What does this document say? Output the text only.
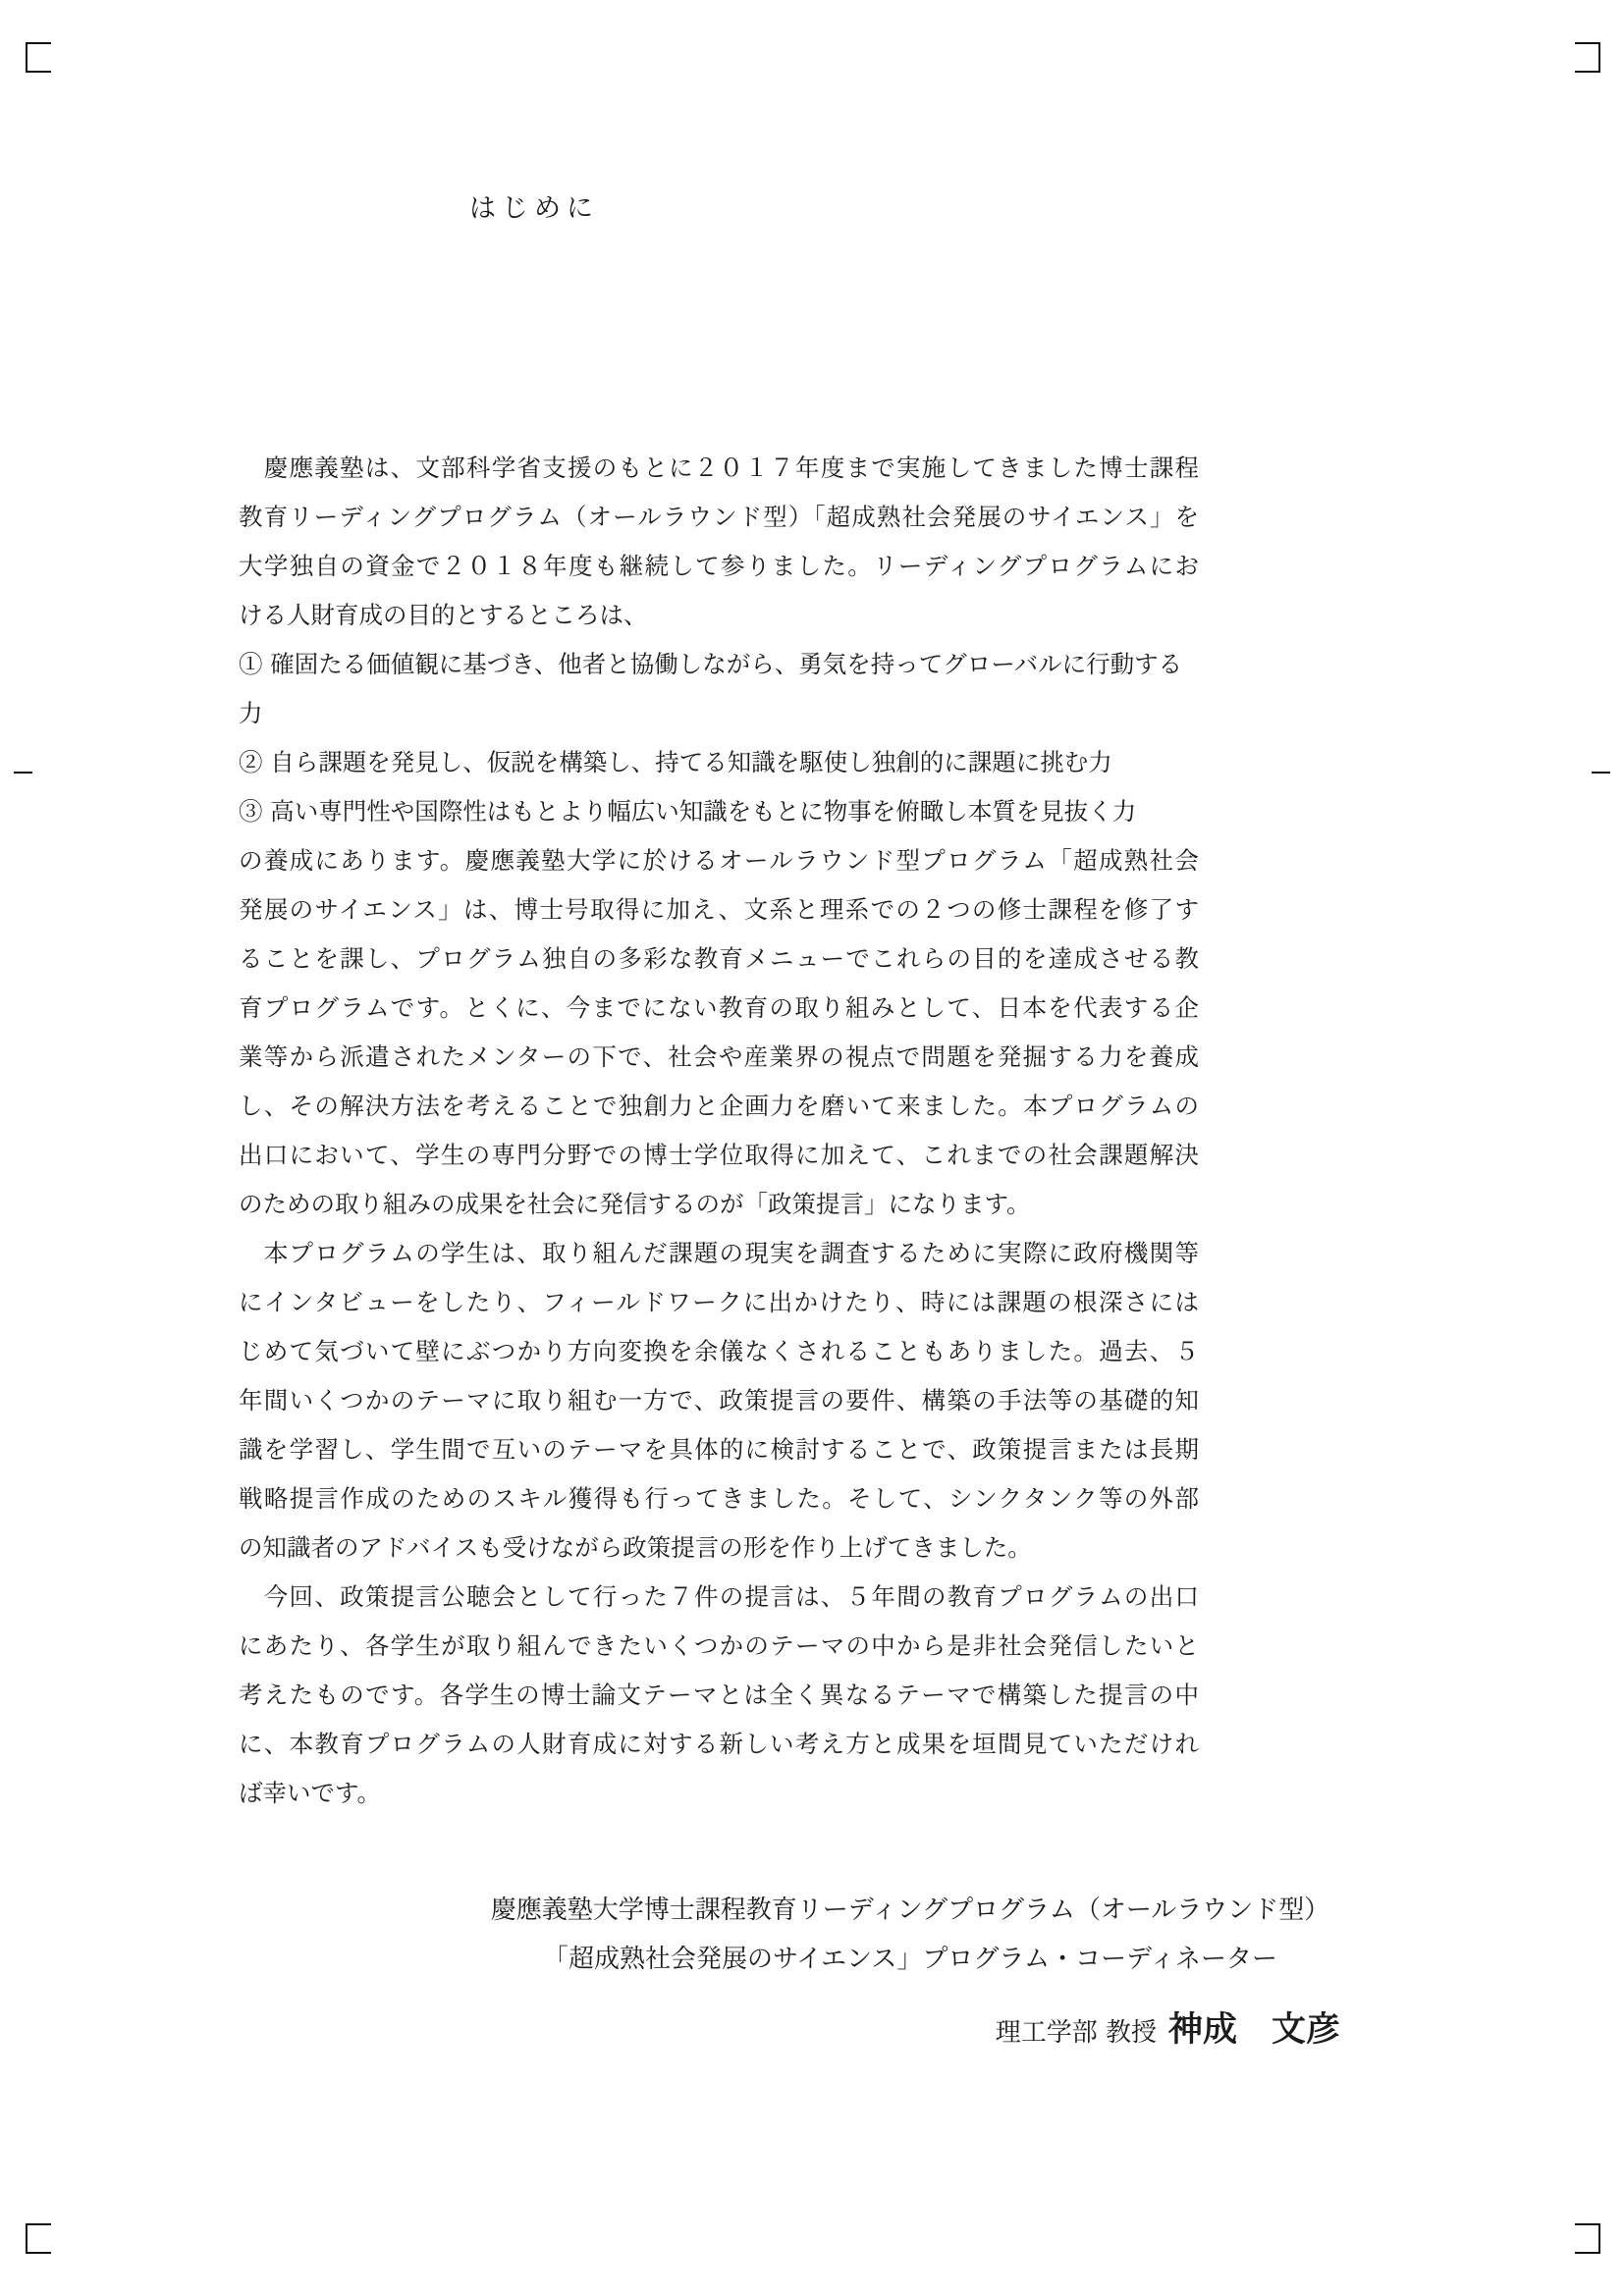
はじめに
　慶應義塾は、文部科学省支援のもとに２０１７年度まで実施してきました博士課程
教育リーディングプログラム（オールラウンド型）「超成熟社会発展のサイエンス」を
大学独自の資金で２０１８年度も継続して参りました。リーディングプログラムにお
ける人財育成の目的とするところは、
① 確固たる価値観に基づき、他者と協働しながら、勇気を持ってグローバルに行動する力
② 自ら課題を発見し、仮説を構築し、持てる知識を駆使し独創的に課題に挑む力
③ 高い専門性や国際性はもとより幅広い知識をもとに物事を俯瞰し本質を見抜く力
の養成にあります。慶應義塾大学に於けるオールラウンド型プログラム「超成熟社会
発展のサイエンス」は、博士号取得に加え、文系と理系での２つの修士課程を修了す
ることを課し、プログラム独自の多彩な教育メニューでこれらの目的を達成させる教
育プログラムです。とくに、今までにない教育の取り組みとして、日本を代表する企
業等から派遣されたメンターの下で、社会や産業界の視点で問題を発掘する力を養成
し、その解決方法を考えることで独創力と企画力を磨いて来ました。本プログラムの
出口において、学生の専門分野での博士学位取得に加えて、これまでの社会課題解決
のための取り組みの成果を社会に発信するのが「政策提言」になります。
　本プログラムの学生は、取り組んだ課題の現実を調査するために実際に政府機関等
にインタビューをしたり、フィールドワークに出かけたり、時には課題の根深さには
じめて気づいて壁にぶつかり方向変換を余儀なくされることもありました。過去、５
年間いくつかのテーマに取り組む一方で、政策提言の要件、構築の手法等の基礎的知
識を学習し、学生間で互いのテーマを具体的に検討することで、政策提言または長期
戦略提言作成のためのスキル獲得も行ってきました。そして、シンクタンク等の外部
の知識者のアドバイスも受けながら政策提言の形を作り上げてきました。
　今回、政策提言公聴会として行った７件の提言は、５年間の教育プログラムの出口
にあたり、各学生が取り組んできたいくつかのテーマの中から是非社会発信したいと
考えたものです。各学生の博士論文テーマとは全く異なるテーマで構築した提言の中
に、本教育プログラムの人財育成に対する新しい考え方と成果を垣間見ていただけれ
ば幸いです。
慶應義塾大学博士課程教育リーディングプログラム（オールラウンド型）
「超成熟社会発展のサイエンス」プログラム・コーディネーター
理工学部 教授 神成　文彦
